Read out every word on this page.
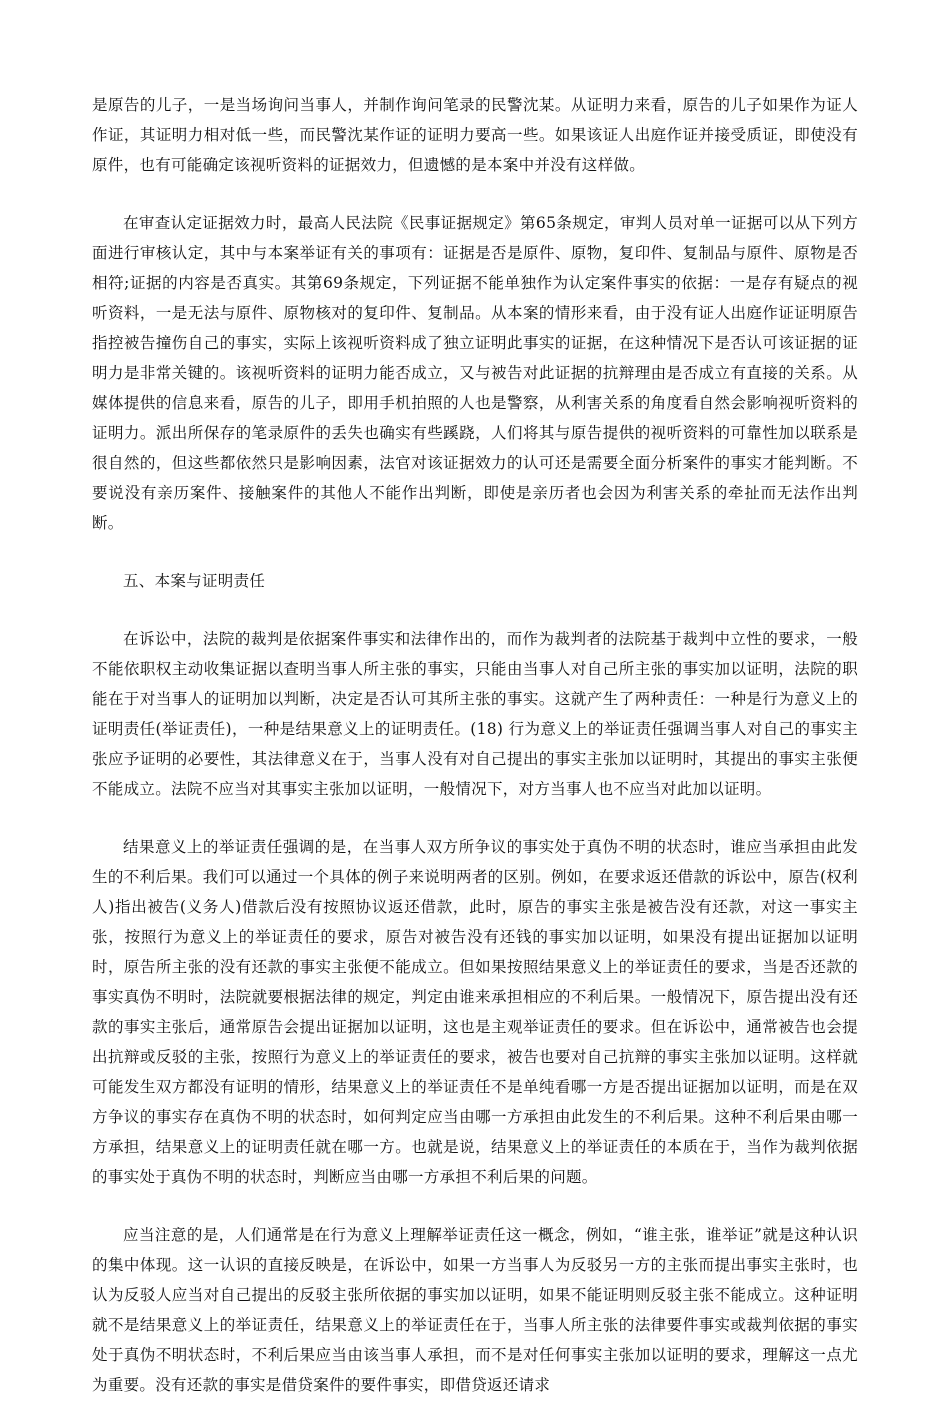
是原告的儿子，一是当场询问当事人，并制作询问笔录的民警沈某。从证明力来看，原告的儿子如果作为证人作证，其证明力相对低一些，而民警沈某作证的证明力要高一些。如果该证人出庭作证并接受质证，即使没有原件，也有可能确定该视听资料的证据效力，但遗憾的是本案中并没有这样做。

在审查认定证据效力时，最高人民法院《民事证据规定》第65条规定，审判人员对单一证据可以从下列方面进行审核认定，其中与本案举证有关的事项有：证据是否是原件、原物，复印件、复制品与原件、原物是否相符;证据的内容是否真实。其第69条规定，下列证据不能单独作为认定案件事实的依据：一是存有疑点的视听资料，一是无法与原件、原物核对的复印件、复制品。从本案的情形来看，由于没有证人出庭作证证明原告指控被告撞伤自己的事实，实际上该视听资料成了独立证明此事实的证据，在这种情况下是否认可该证据的证明力是非常关键的。该视听资料的证明力能否成立，又与被告对此证据的抗辩理由是否成立有直接的关系。从媒体提供的信息来看，原告的儿子，即用手机拍照的人也是警察，从利害关系的角度看自然会影响视听资料的证明力。派出所保存的笔录原件的丢失也确实有些蹊跷，人们将其与原告提供的视听资料的可靠性加以联系是很自然的，但这些都依然只是影响因素，法官对该证据效力的认可还是需要全面分析案件的事实才能判断。不要说没有亲历案件、接触案件的其他人不能作出判断，即使是亲历者也会因为利害关系的牵扯而无法作出判断。

五、本案与证明责任

在诉讼中，法院的裁判是依据案件事实和法律作出的，而作为裁判者的法院基于裁判中立性的要求，一般不能依职权主动收集证据以查明当事人所主张的事实，只能由当事人对自己所主张的事实加以证明，法院的职能在于对当事人的证明加以判断，决定是否认可其所主张的事实。这就产生了两种责任：一种是行为意义上的证明责任(举证责任)，一种是结果意义上的证明责任。(18) 行为意义上的举证责任强调当事人对自己的事实主张应予证明的必要性，其法律意义在于，当事人没有对自己提出的事实主张加以证明时，其提出的事实主张便不能成立。法院不应当对其事实主张加以证明，一般情况下，对方当事人也不应当对此加以证明。

结果意义上的举证责任强调的是，在当事人双方所争议的事实处于真伪不明的状态时，谁应当承担由此发生的不利后果。我们可以通过一个具体的例子来说明两者的区别。例如，在要求返还借款的诉讼中，原告(权利人)指出被告(义务人)借款后没有按照协议返还借款，此时，原告的事实主张是被告没有还款，对这一事实主张，按照行为意义上的举证责任的要求，原告对被告没有还钱的事实加以证明，如果没有提出证据加以证明时，原告所主张的没有还款的事实主张便不能成立。但如果按照结果意义上的举证责任的要求，当是否还款的事实真伪不明时，法院就要根据法律的规定，判定由谁来承担相应的不利后果。一般情况下，原告提出没有还款的事实主张后，通常原告会提出证据加以证明，这也是主观举证责任的要求。但在诉讼中，通常被告也会提出抗辩或反驳的主张，按照行为意义上的举证责任的要求，被告也要对自己抗辩的事实主张加以证明。这样就可能发生双方都没有证明的情形，结果意义上的举证责任不是单纯看哪一方是否提出证据加以证明，而是在双方争议的事实存在真伪不明的状态时，如何判定应当由哪一方承担由此发生的不利后果。这种不利后果由哪一方承担，结果意义上的证明责任就在哪一方。也就是说，结果意义上的举证责任的本质在于，当作为裁判依据的事实处于真伪不明的状态时，判断应当由哪一方承担不利后果的问题。

应当注意的是，人们通常是在行为意义上理解举证责任这一概念，例如，“谁主张，谁举证”就是这种认识的集中体现。这一认识的直接反映是，在诉讼中，如果一方当事人为反驳另一方的主张而提出事实主张时，也认为反驳人应当对自己提出的反驳主张所依据的事实加以证明，如果不能证明则反驳主张不能成立。这种证明就不是结果意义上的举证责任，结果意义上的举证责任在于，当事人所主张的法律要件事实或裁判依据的事实处于真伪不明状态时，不利后果应当由该当事人承担，而不是对任何事实主张加以证明的要求，理解这一点尤为重要。没有还款的事实是借贷案件的要件事实，即借贷返还请求
